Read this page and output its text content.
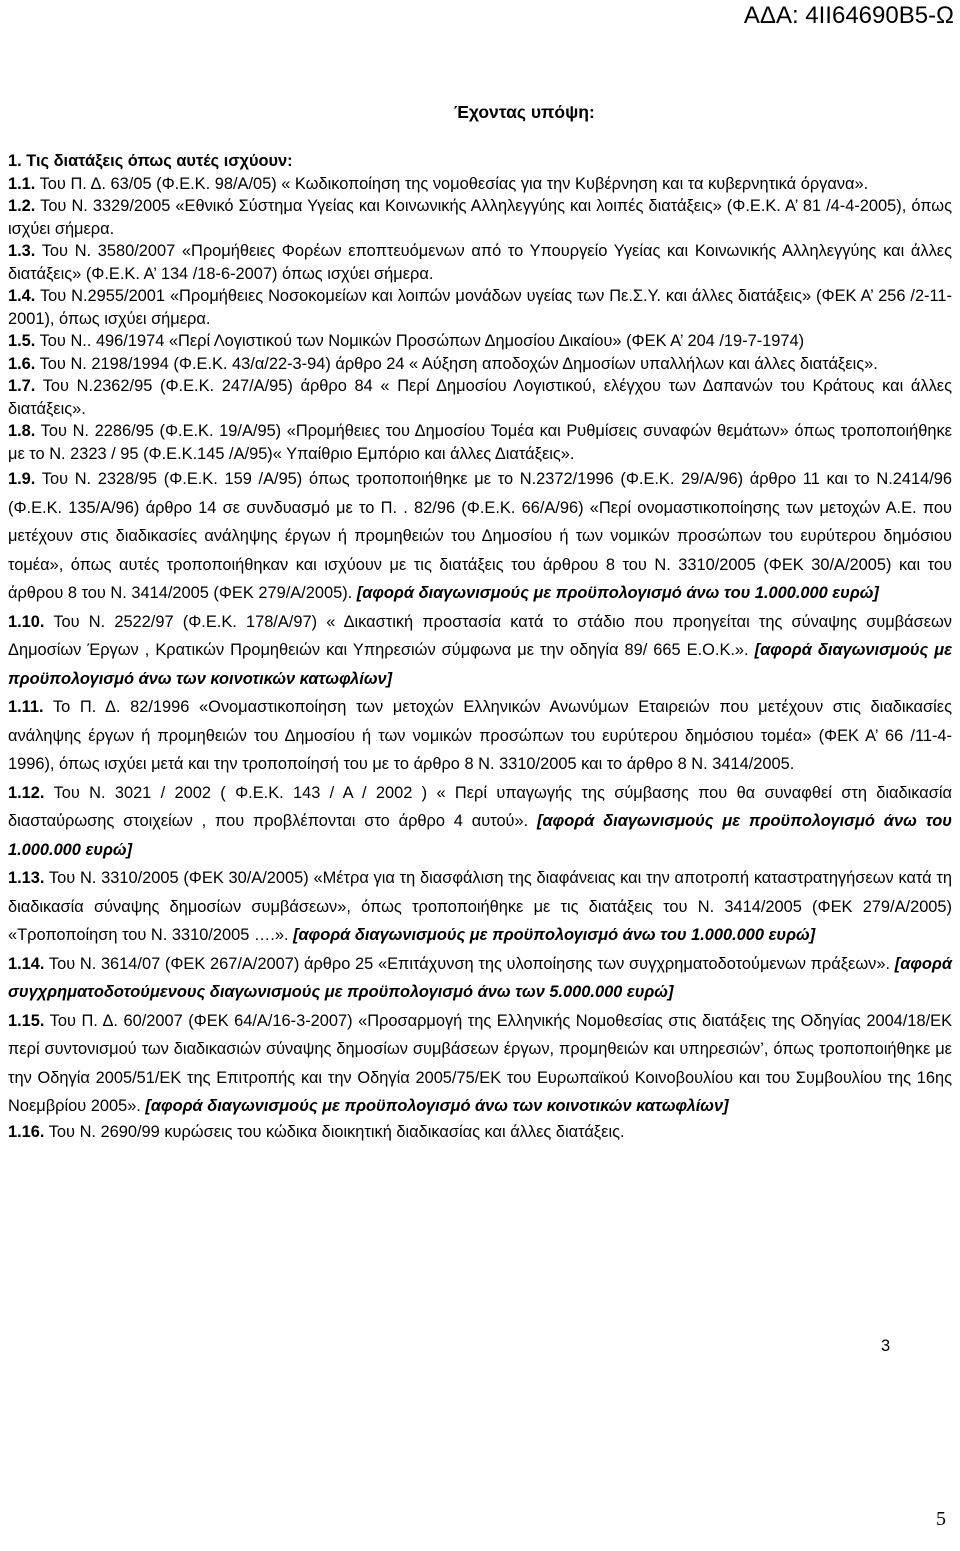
ΑΔΑ: 4ΙΙ64690Β5-Ω
Έχοντας υπόψη:

1. Τις διατάξεις όπως αυτές ισχύουν:

1.1. Του Π. Δ. 63/05 (Φ.Ε.Κ. 98/Α/05) « Κωδικοποίηση της νομοθεσίας για την Κυβέρνηση και τα κυβερνητικά όργανα».

1.2. Του Ν. 3329/2005 «Εθνικό Σύστημα Υγείας και Κοινωνικής Αλληλεγγύης και λοιπές διατάξεις» (Φ.Ε.Κ. Α’ 81 /4-4-2005), όπως ισχύει σήμερα.

1.3. Του Ν. 3580/2007 «Προμήθειες Φορέων εποπτευόμενων από το Υπουργείο Υγείας και Κοινωνικής Αλληλεγγύης και άλλες διατάξεις» (Φ.Ε.Κ. Α’ 134 /18-6-2007) όπως ισχύει σήμερα.

1.4. Του Ν.2955/2001 «Προμήθειες Νοσοκομείων και λοιπών μονάδων υγείας των Πε.Σ.Υ. και άλλες διατάξεις» (ΦΕΚ Α’ 256 /2-11-2001), όπως ισχύει σήμερα.

1.5. Του Ν.. 496/1974 «Περί Λογιστικού των Νομικών Προσώπων Δημοσίου Δικαίου» (ΦΕΚ Α’ 204 /19-7-1974)

1.6. Του Ν. 2198/1994 (Φ.Ε.Κ. 43/α/22-3-94) άρθρο 24 « Αύξηση αποδοχών Δημοσίων υπαλλήλων και άλλες διατάξεις».

1.7. Του Ν.2362/95 (Φ.Ε.Κ. 247/Α/95) άρθρο 84 « Περί Δημοσίου Λογιστικού, ελέγχου των Δαπανών του Κράτους και άλλες διατάξεις».

1.8. Του Ν. 2286/95 (Φ.Ε.Κ. 19/Α/95) «Προμήθειες του Δημοσίου Τομέα και Ρυθμίσεις συναφών θεμάτων» όπως τροποποιήθηκε με το Ν. 2323 / 95 (Φ.Ε.Κ.145 /Α/95)« Υπαίθριο Εμπόριο και άλλες Διατάξεις».

1.9. Του Ν. 2328/95 (Φ.Ε.Κ. 159 /Α/95) όπως τροποποιήθηκε με το Ν.2372/1996 (Φ.Ε.Κ. 29/Α/96) άρθρο 11 και το Ν.2414/96 (Φ.Ε.Κ. 135/Α/96) άρθρο 14 σε συνδυασμό με το Π. . 82/96 (Φ.Ε.Κ. 66/Α/96) «Περί ονομαστικοποίησης των μετοχών Α.Ε. που μετέχουν στις διαδικασίες ανάληψης έργων ή προμηθειών του Δημοσίου ή των νομικών προσώπων του ευρύτερου δημόσιου τομέα», όπως αυτές τροποποιήθηκαν και ισχύουν με τις διατάξεις του άρθρου 8 του Ν. 3310/2005 (ΦΕΚ 30/Α/2005) και του άρθρου 8 του Ν. 3414/2005 (ΦΕΚ 279/Α/2005). [αφορά διαγωνισμούς με προϋπολογισμό άνω του 1.000.000 ευρώ]

1.10. Του Ν. 2522/97 (Φ.Ε.Κ. 178/Α/97) « Δικαστική προστασία κατά το στάδιο που προηγείται της σύναψης συμβάσεων Δημοσίων Έργων , Κρατικών Προμηθειών και Υπηρεσιών σύμφωνα με την οδηγία 89/ 665 Ε.Ο.Κ.». [αφορά διαγωνισμούς με προϋπολογισμό άνω των κοινοτικών κατωφλίων]

1.11. Το Π. Δ. 82/1996 «Ονομαστικοποίηση των μετοχών Ελληνικών Ανωνύμων Εταιρειών που μετέχουν στις διαδικασίες ανάληψης έργων ή προμηθειών του Δημοσίου ή των νομικών προσώπων του ευρύτερου δημόσιου τομέα» (ΦΕΚ Α’ 66 /11-4-1996), όπως ισχύει μετά και την τροποποίησή του με το άρθρο 8 Ν. 3310/2005 και το άρθρο 8 Ν. 3414/2005.

1.12. Του Ν. 3021 / 2002 ( Φ.Ε.Κ. 143 / Α / 2002 ) « Περί υπαγωγής της σύμβασης που θα συναφθεί στη διαδικασία διασταύρωσης στοιχείων , που προβλέπονται στο άρθρο 4 αυτού». [αφορά διαγωνισμούς με προϋπολογισμό άνω του 1.000.000 ευρώ]

1.13. Του Ν. 3310/2005 (ΦΕΚ 30/Α/2005) «Μέτρα για τη διασφάλιση της διαφάνειας και την αποτροπή καταστρατηγήσεων κατά τη διαδικασία σύναψης δημοσίων συμβάσεων», όπως τροποποιήθηκε με τις διατάξεις του Ν. 3414/2005 (ΦΕΚ 279/Α/2005) «Τροποποίηση του Ν. 3310/2005 ….». [αφορά διαγωνισμούς με προϋπολογισμό άνω του 1.000.000 ευρώ]

1.14. Του Ν. 3614/07 (ΦΕΚ 267/Α/2007) άρθρο 25 «Επιτάχυνση της υλοποίησης των συγχρηματοδοτούμενων πράξεων». [αφορά συγχρηματοδοτούμενους διαγωνισμούς με προϋπολογισμό άνω των 5.000.000 ευρώ]

1.15. Του Π. Δ. 60/2007 (ΦΕΚ 64/Α/16-3-2007) «Προσαρμογή της Ελληνικής Νομοθεσίας στις διατάξεις της Οδηγίας 2004/18/ΕΚ περί συντονισμού των διαδικασιών σύναψης δημοσίων συμβάσεων έργων, προμηθειών και υπηρεσιών’, όπως τροποποιήθηκε με την Οδηγία 2005/51/ΕΚ της Επιτροπής και την Οδηγία 2005/75/ΕΚ του Ευρωπαϊκού Κοινοβουλίου και του Συμβουλίου της 16ης Νοεμβρίου 2005». [αφορά διαγωνισμούς με προϋπολογισμό άνω των κοινοτικών κατωφλίων]

1.16. Του Ν. 2690/99 κυρώσεις του κώδικα διοικητική διαδικασίας και άλλες διατάξεις.

3
5
